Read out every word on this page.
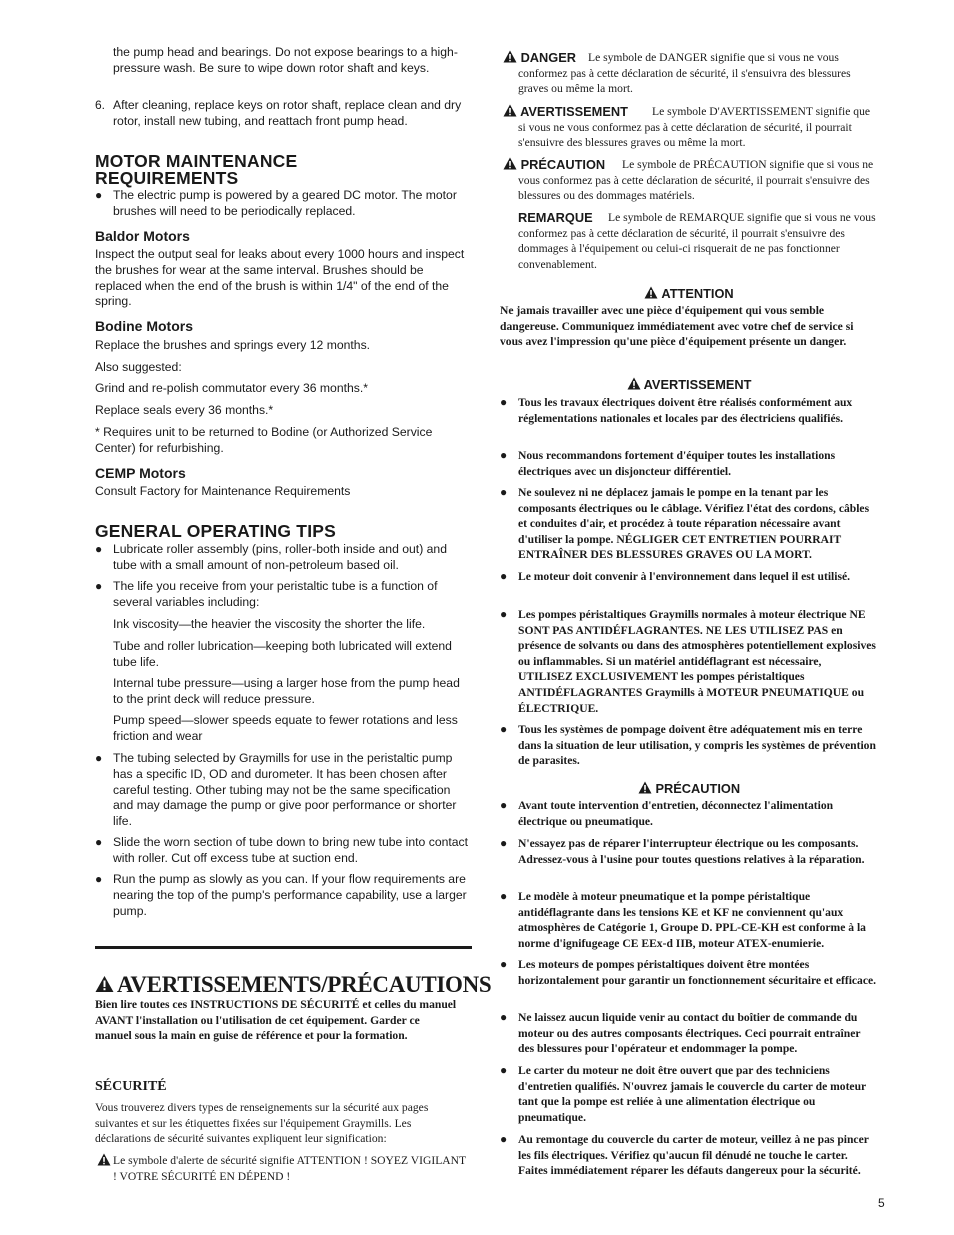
the pump head and bearings. Do not expose bearings to a high-pressure wash. Be sure to wipe down rotor shaft and keys.
6. After cleaning, replace keys on rotor shaft, replace clean and dry rotor, install new tubing, and reattach front pump head.
MOTOR MAINTENANCE REQUIREMENTS
● The electric pump is powered by a geared DC motor. The motor brushes will need to be periodically replaced.
Baldor Motors
Inspect the output seal for leaks about every 1000 hours and inspect the brushes for wear at the same interval. Brushes should be replaced when the end of the brush is within 1/4" of the end of the spring.
Bodine Motors
Replace the brushes and springs every 12 months.
Also suggested:
Grind and re-polish commutator every 36 months.*
Replace seals every 36 months.*
* Requires unit to be returned to Bodine (or Authorized Service Center) for refurbishing.
CEMP Motors
Consult Factory for Maintenance Requirements
GENERAL OPERATING TIPS
● Lubricate roller assembly (pins, roller-both inside and out) and tube with a small amount of non-petroleum based oil.
● The life you receive from your peristaltic tube is a function of several variables including:
Ink viscosity—the heavier the viscosity the shorter the life.
Tube and roller lubrication—keeping both lubricated will extend tube life.
Internal tube pressure—using a larger hose from the pump head to the print deck will reduce pressure.
Pump speed—slower speeds equate to fewer rotations and less friction and wear
● The tubing selected by Graymills for use in the peristaltic pump has a specific ID, OD and durometer. It has been chosen after careful testing. Other tubing may not be the same specification and may damage the pump or give poor performance or shorter life.
● Slide the worn section of tube down to bring new tube into contact with roller. Cut off excess tube at suction end.
● Run the pump as slowly as you can. If your flow requirements are nearing the top of the pump's performance capability, use a larger pump.
AVERTISSEMENTS/PRÉCAUTIONS
Bien lire toutes ces INSTRUCTIONS DE SÉCURITÉ et celles du manuel AVANT l'installation ou l'utilisation de cet équipement. Garder ce manuel sous la main en guise de référence et pour la formation.
SÉCURITÉ
Vous trouverez divers types de renseignements sur la sécurité aux pages suivantes et sur les étiquettes fixées sur l'équipement Graymills. Les déclarations de sécurité suivantes expliquent leur signification:
Le symbole d'alerte de sécurité signifie ATTENTION ! SOYEZ VIGILANT ! VOTRE SÉCURITÉ EN DÉPEND !
DANGER	Le symbole de DANGER signifie que si vous ne vous conformez pas à cette déclaration de sécurité, il s'ensuivra des blessures graves ou même la mort.
AVERTISSEMENT	Le symbole D'AVERTISSEMENT signifie que si vous ne vous conformez pas à cette déclaration de sécurité, il pourrait s'ensuivre des blessures graves ou même la mort.
PRÉCAUTION	Le symbole de PRÉCAUTION signifie que si vous ne vous conformez pas à cette déclaration de sécurité, il pourrait s'ensuivre des blessures ou des dommages matériels.
REMARQUE	Le symbole de REMARQUE signifie que si vous ne vous conformez pas à cette déclaration de sécurité, il pourrait s'ensuivre des dommages à l'équipement ou celui-ci risquerait de ne pas fonctionner convenablement.
ATTENTION
Ne jamais travailler avec une pièce d'équipement qui vous semble dangereuse. Communiquez immédiatement avec votre chef de service si vous avez l'impression qu'une pièce d'équipement présente un danger.
AVERTISSEMENT
● Tous les travaux électriques doivent être réalisés conformément aux réglementations nationales et locales par des électriciens qualifiés.
● Nous recommandons fortement d'équiper toutes les installations électriques avec un disjoncteur différentiel.
● Ne soulevez ni ne déplacez jamais le pompe en la tenant par les composants électriques ou le câblage. Vérifiez l'état des cordons, câbles et conduites d'air, et procédez à toute réparation nécessaire avant d'utiliser la pompe. NÉGLIGER CET ENTRETIEN POURRAIT ENTRAÎNER DES BLESSURES GRAVES OU LA MORT.
● Le moteur doit convenir à l'environnement dans lequel il est utilisé.
● Les pompes péristaltiques Graymills normales à moteur électrique NE SONT PAS ANTIDÉFLAGRANTES. NE LES UTILISEZ PAS en présence de solvants ou dans des atmosphères potentiellement explosives ou inflammables. Si un matériel antidéflagrant est nécessaire, UTILISEZ EXCLUSIVEMENT les pompes péristaltiques ANTIDÉFLAGRANTES Graymills à MOTEUR PNEUMATIQUE ou ÉLECTRIQUE.
● Tous les systèmes de pompage doivent être adéquatement mis en terre dans la situation de leur utilisation, y compris les systèmes de prévention de parasites.
PRÉCAUTION
● Avant toute intervention d'entretien, déconnectez l'alimentation électrique ou pneumatique.
● N'essayez pas de réparer l'interrupteur électrique ou les composants. Adressez-vous à l'usine pour toutes questions relatives à la réparation.
● Le modèle à moteur pneumatique et la pompe péristaltique antidéflagrante dans les tensions KE et KF ne conviennent qu'aux atmosphères de Catégorie 1, Groupe D. PPL-CE-KH est conforme à la norme d'ignifugeage CE EEx-d IIB, moteur ATEX-enumierie.
● Les moteurs de pompes péristaltiques doivent être montées horizontalement pour garantir un fonctionnement sécuritaire et efficace.
● Ne laissez aucun liquide venir au contact du boîtier de commande du moteur ou des autres composants électriques. Ceci pourrait entraîner des blessures pour l'opérateur et endommager la pompe.
● Le carter du moteur ne doit être ouvert que par des techniciens d'entretien qualifiés. N'ouvrez jamais le couvercle du carter de moteur tant que la pompe est reliée à une alimentation électrique ou pneumatique.
● Au remontage du couvercle du carter de moteur, veillez à ne pas pincer les fils électriques. Vérifiez qu'aucun fil dénudé ne touche le carter. Faites immédiatement réparer les défauts dangereux pour la sécurité.
5
